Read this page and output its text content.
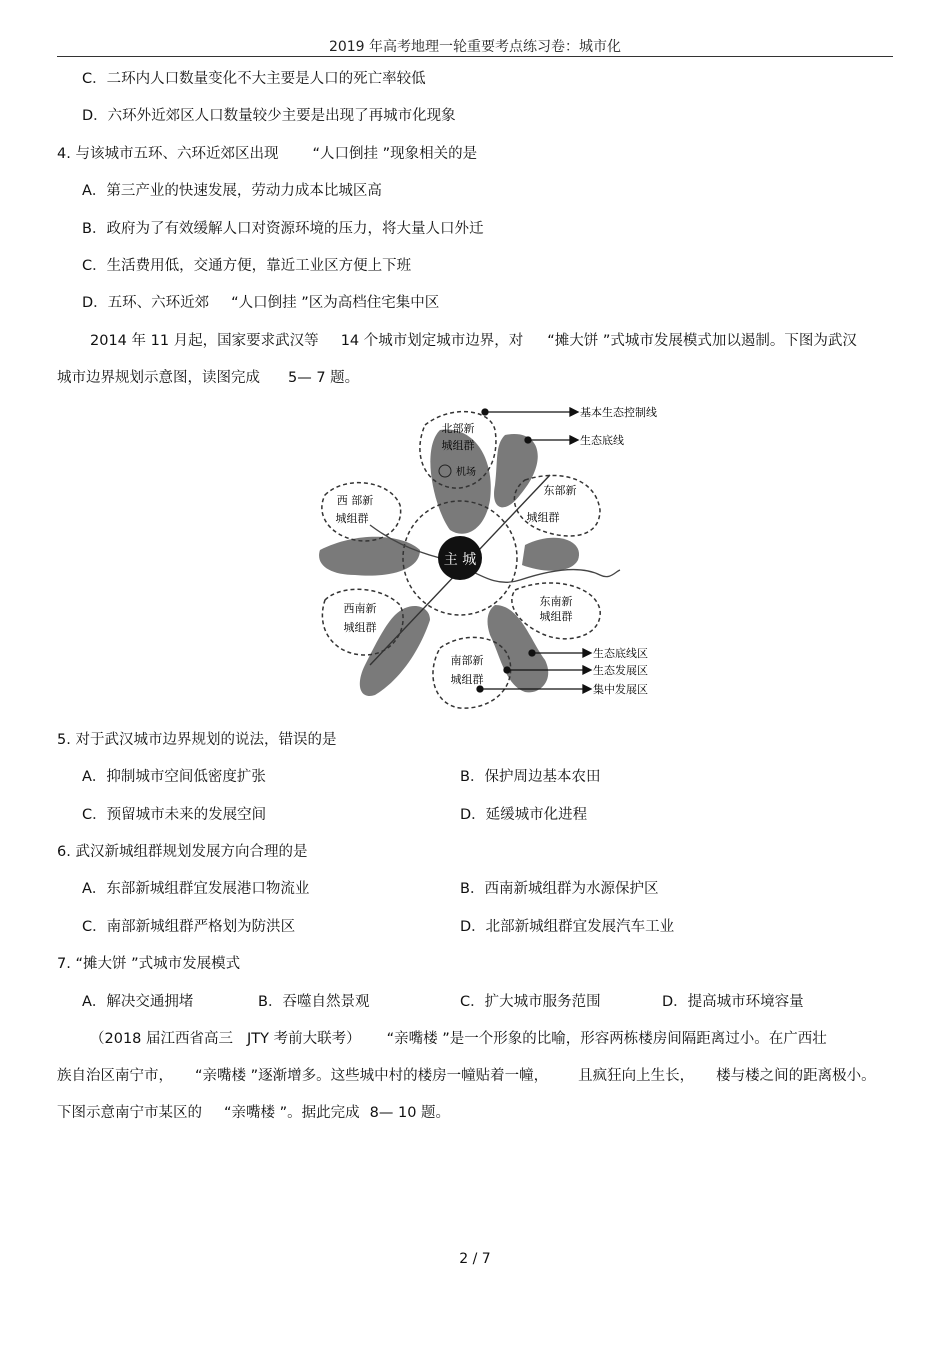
2019 年高考地理一轮重要考点练习卷：城市化
C．二环内人口数量变化不大主要是人口的死亡率较低
D．六环外近郊区人口数量较少主要是出现了再城市化现象
4. 与该城市五环、六环近郊区出现 “人口倒挂 ”现象相关的是
A．第三产业的快速发展，劳动力成本比城区高
B．政府为了有效缓解人口对资源环境的压力，将大量人口外迁
C．生活费用低，交通方便，靠近工业区方便上下班
D．五环、六环近郊 “人口倒挂 ”区为高档住宅集中区
2014 年 11 月起，国家要求武汉等 14 个城市划定城市边界，对 “摊大饼 ”式城市发展模式加以遏制。下图为武汉
城市边界规划示意图，读图完成 5— 7 题。
主 城
北部新
城组群
机场
西 部新
城组群
东部新
城组群
西南新
城组群
东南新
城组群
南部新
城组群
基本生态控制线
生态底线
生态底线区
生态发展区
集中发展区
5. 对于武汉城市边界规划的说法，错误的是
A．抑制城市空间低密度扩张	B．保护周边基本农田
C．预留城市未来的发展空间	D．延缓城市化进程
6. 武汉新城组群规划发展方向合理的是
A．东部新城组群宜发展港口物流业	B．西南新城组群为水源保护区
C．南部新城组群严格划为防洪区	D．北部新城组群宜发展汽车工业
7. “摊大饼 ”式城市发展模式
A．解决交通拥堵	B．吞噬自然景观	C．扩大城市服务范围	D．提高城市环境容量
（2018 届江西省高三 JTY 考前大联考） “亲嘴楼 ”是一个形象的比喻，形容两栋楼房间隔距离过小。在广西壮
族自治区南宁市， “亲嘴楼 ”逐渐增多。这些城中村的楼房一幢贴着一幢， 且疯狂向上生长， 楼与楼之间的距离极小。
下图示意南宁市某区的 “亲嘴楼 ”。据此完成 8— 10 题。
2 / 7
